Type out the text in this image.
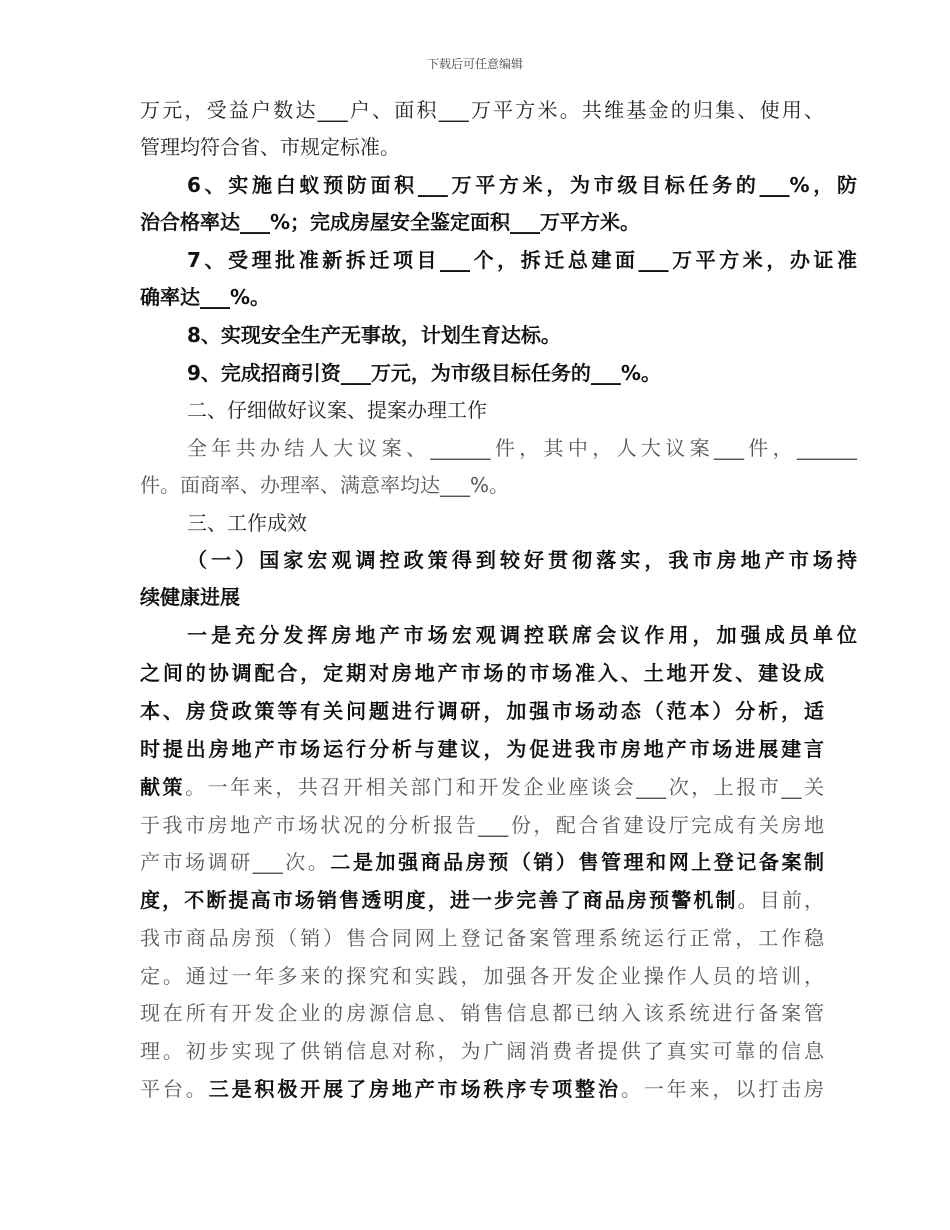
下载后可任意编辑
万元，受益户数达___户、面积___万平方米。共维基金的归集、使用、
管理均符合省、市规定标准。
6、实施白蚁预防面积___万平方米，为市级目标任务的___%，防
治合格率达___%；完成房屋安全鉴定面积___万平方米。
7、受理批准新拆迁项目___个，拆迁总建面___万平方米，办证准
确率达___%。
8、实现安全生产无事故，计划生育达标。
9、完成招商引资___万元，为市级目标任务的___%。
二、仔细做好议案、提案办理工作
全年共办结人大议案、______件，其中，人大议案___件，______
件。面商率、办理率、满意率均达___%。
三、工作成效
（一）国家宏观调控政策得到较好贯彻落实，我市房地产市场持
续健康进展
一是充分发挥房地产市场宏观调控联席会议作用，加强成员单位
之间的协调配合，定期对房地产市场的市场准入、土地开发、建设成
本、房贷政策等有关问题进行调研，加强市场动态（范本）分析，适
时提出房地产市场运行分析与建议，为促进我市房地产市场进展建言
献策。一年来，共召开相关部门和开发企业座谈会___次，上报市__关
于我市房地产市场状况的分析报告___份，配合省建设厅完成有关房地
产市场调研___次。二是加强商品房预（销）售管理和网上登记备案制
度，不断提高市场销售透明度，进一步完善了商品房预警机制。目前，
我市商品房预（销）售合同网上登记备案管理系统运行正常，工作稳
定。通过一年多来的探究和实践，加强各开发企业操作人员的培训，
现在所有开发企业的房源信息、销售信息都已纳入该系统进行备案管
理。初步实现了供销信息对称，为广阔消费者提供了真实可靠的信息
平台。三是积极开展了房地产市场秩序专项整治。一年来，以打击房
